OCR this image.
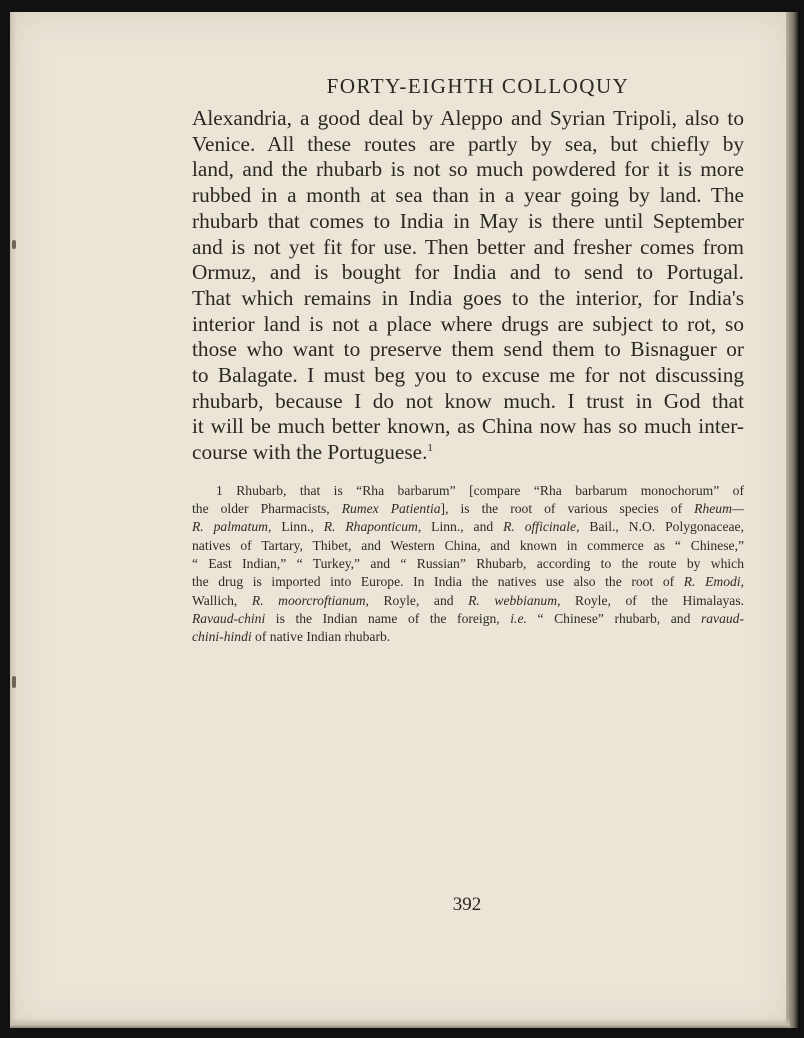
FORTY-EIGHTH COLLOQUY
Alexandria, a good deal by Aleppo and Syrian Tripoli, also to
Venice. All these routes are partly by sea, but chiefly by
land, and the rhubarb is not so much powdered for it is more
rubbed in a month at sea than in a year going by land. The
rhubarb that comes to India in May is there until September
and is not yet fit for use. Then better and fresher comes from
Ormuz, and is bought for India and to send to Portugal.
That which remains in India goes to the interior, for India's
interior land is not a place where drugs are subject to rot, so
those who want to preserve them send them to Bisnaguer or
to Balagate. I must beg you to excuse me for not discussing
rhubarb, because I do not know much. I trust in God that
it will be much better known, as China now has so much inter-
course with the Portuguese.$^1$
1 Rhubarb, that is “Rha barbarum” [compare “Rha barbarum monochorum” of
the older Pharmacists, Rumex Patientia], is the root of various species of Rheum—
R. palmatum, Linn., R. Rhaponticum, Linn., and R. officinale, Bail., N.O. Polygonaceae,
natives of Tartary, Thibet, and Western China, and known in commerce as “ Chinese,”
“ East Indian,” “ Turkey,” and “ Russian” Rhubarb, according to the route by which
the drug is imported into Europe. In India the natives use also the root of R. Emodi,
Wallich, R. moorcroftianum, Royle, and R. webbianum, Royle, of the Himalayas.
Ravaud-chini is the Indian name of the foreign, i.e. “ Chinese” rhubarb, and ravaud-
chini-hindi of native Indian rhubarb.
392
